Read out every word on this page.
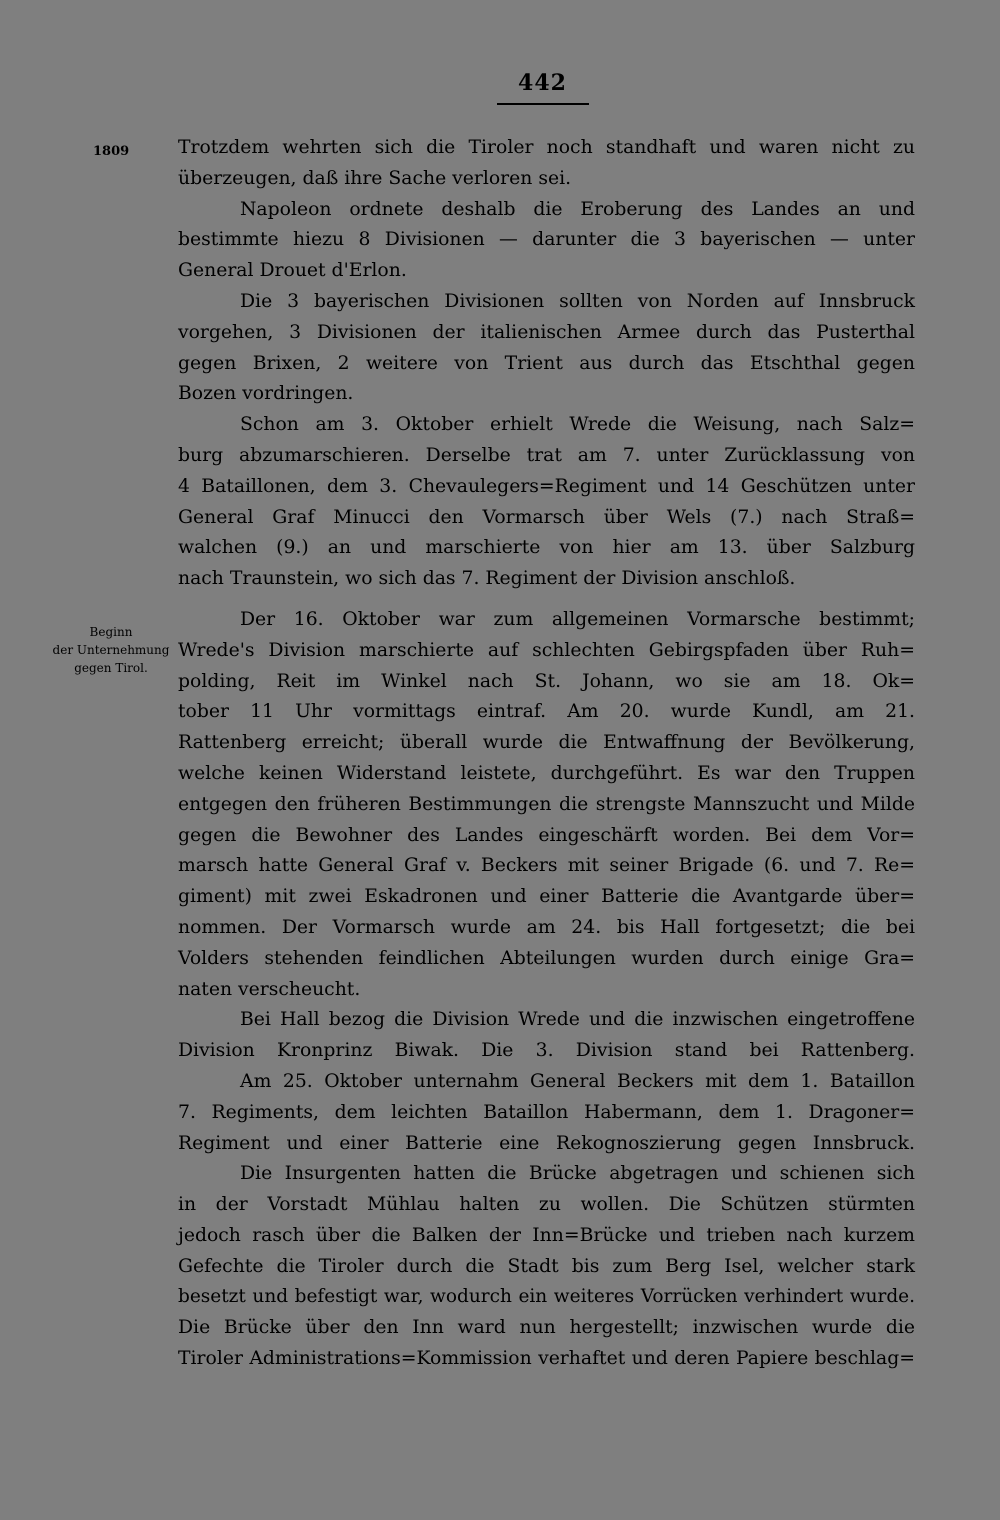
442
1809
Beginn
der Unternehmung
gegen Tirol.
Trotzdem wehrten sich die Tiroler noch standhaft und waren nicht zu
überzeugen, daß ihre Sache verloren sei.
Napoleon ordnete deshalb die Eroberung des Landes an und
bestimmte hiezu 8 Divisionen — darunter die 3 bayerischen — unter
General Drouet d'Erlon.
Die 3 bayerischen Divisionen sollten von Norden auf Innsbruck
vorgehen, 3 Divisionen der italienischen Armee durch das Pusterthal
gegen Brixen, 2 weitere von Trient aus durch das Etschthal gegen
Bozen vordringen.
Schon am 3. Oktober erhielt Wrede die Weisung, nach Salz=
burg abzumarschieren. Derselbe trat am 7. unter Zurücklassung von
4 Bataillonen, dem 3. Chevaulegers=Regiment und 14 Geschützen unter
General Graf Minucci den Vormarsch über Wels (7.) nach Straß=
walchen (9.) an und marschierte von hier am 13. über Salzburg
nach Traunstein, wo sich das 7. Regiment der Division anschloß.
Der 16. Oktober war zum allgemeinen Vormarsche bestimmt;
Wrede's Division marschierte auf schlechten Gebirgspfaden über Ruh=
polding, Reit im Winkel nach St. Johann, wo sie am 18. Ok=
tober 11 Uhr vormittags eintraf. Am 20. wurde Kundl, am 21.
Rattenberg erreicht; überall wurde die Entwaffnung der Bevölkerung,
welche keinen Widerstand leistete, durchgeführt. Es war den Truppen
entgegen den früheren Bestimmungen die strengste Mannszucht und Milde
gegen die Bewohner des Landes eingeschärft worden. Bei dem Vor=
marsch hatte General Graf v. Beckers mit seiner Brigade (6. und 7. Re=
giment) mit zwei Eskadronen und einer Batterie die Avantgarde über=
nommen. Der Vormarsch wurde am 24. bis Hall fortgesetzt; die bei
Volders stehenden feindlichen Abteilungen wurden durch einige Gra=
naten verscheucht.
Bei Hall bezog die Division Wrede und die inzwischen eingetroffene
Division Kronprinz Biwak. Die 3. Division stand bei Rattenberg.
Am 25. Oktober unternahm General Beckers mit dem 1. Bataillon
7. Regiments, dem leichten Bataillon Habermann, dem 1. Dragoner=
Regiment und einer Batterie eine Rekognoszierung gegen Innsbruck.
Die Insurgenten hatten die Brücke abgetragen und schienen sich
in der Vorstadt Mühlau halten zu wollen. Die Schützen stürmten
jedoch rasch über die Balken der Inn=Brücke und trieben nach kurzem
Gefechte die Tiroler durch die Stadt bis zum Berg Isel, welcher stark
besetzt und befestigt war, wodurch ein weiteres Vorrücken verhindert wurde.
Die Brücke über den Inn ward nun hergestellt; inzwischen wurde die
Tiroler Administrations=Kommission verhaftet und deren Papiere beschlag=
